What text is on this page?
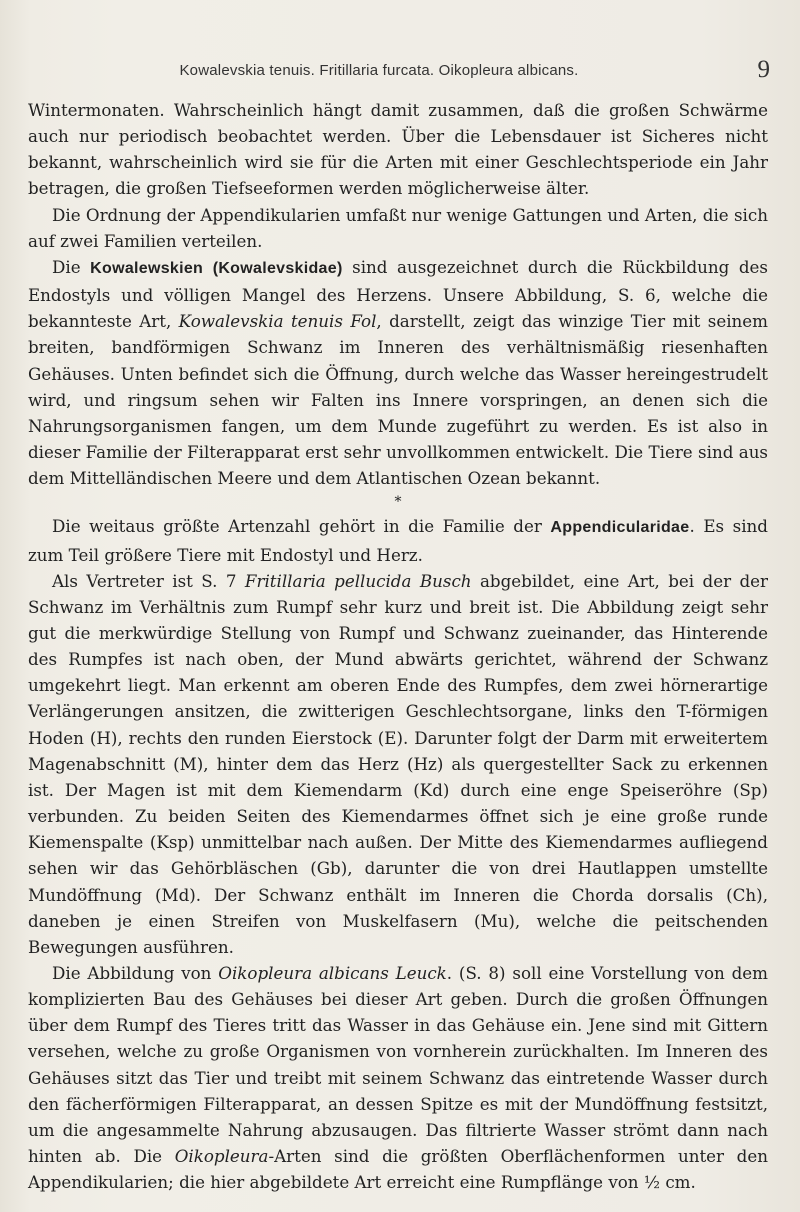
Kowalevskia tenuis. Fritillaria furcata. Oikopleura albicans.	9

Wintermonaten. Wahrscheinlich hängt damit zusammen, daß die großen Schwärme auch nur periodisch beobachtet werden. Über die Lebensdauer ist Sicheres nicht bekannt, wahrscheinlich wird sie für die Arten mit einer Geschlechtsperiode ein Jahr betragen, die großen Tiefseeformen werden möglicherweise älter.

Die Ordnung der Appendikularien umfaßt nur wenige Gattungen und Arten, die sich auf zwei Familien verteilen.

Die Kowalewskien (Kowalevskidae) sind ausgezeichnet durch die Rückbildung des Endostyls und völligen Mangel des Herzens. Unsere Abbildung, S. 6, welche die bekannteste Art, Kowalevskia tenuis Fol, darstellt, zeigt das winzige Tier mit seinem breiten, bandförmigen Schwanz im Inneren des verhältnismäßig riesenhaften Gehäuses. Unten befindet sich die Öffnung, durch welche das Wasser hereingestrudelt wird, und ringsum sehen wir Falten ins Innere vorspringen, an denen sich die Nahrungsorganismen fangen, um dem Munde zugeführt zu werden. Es ist also in dieser Familie der Filterapparat erst sehr unvollkommen entwickelt. Die Tiere sind aus dem Mittelländischen Meere und dem Atlantischen Ozean bekannt.

*

Die weitaus größte Artenzahl gehört in die Familie der Appendicularidae. Es sind zum Teil größere Tiere mit Endostyl und Herz.

Als Vertreter ist S. 7 Fritillaria pellucida Busch abgebildet, eine Art, bei der der Schwanz im Verhältnis zum Rumpf sehr kurz und breit ist. Die Abbildung zeigt sehr gut die merkwürdige Stellung von Rumpf und Schwanz zueinander, das Hinterende des Rumpfes ist nach oben, der Mund abwärts gerichtet, während der Schwanz umgekehrt liegt. Man erkennt am oberen Ende des Rumpfes, dem zwei hörnerartige Verlängerungen ansitzen, die zwitterigen Geschlechtsorgane, links den T-förmigen Hoden (H), rechts den runden Eierstock (E). Darunter folgt der Darm mit erweitertem Magenabschnitt (M), hinter dem das Herz (Hz) als quergestellter Sack zu erkennen ist. Der Magen ist mit dem Kiemendarm (Kd) durch eine enge Speiseröhre (Sp) verbunden. Zu beiden Seiten des Kiemendarmes öffnet sich je eine große runde Kiemenspalte (Ksp) unmittelbar nach außen. Der Mitte des Kiemendarmes aufliegend sehen wir das Gehörbläschen (Gb), darunter die von drei Hautlappen umstellte Mundöffnung (Md). Der Schwanz enthält im Inneren die Chorda dorsalis (Ch), daneben je einen Streifen von Muskelfasern (Mu), welche die peitschenden Bewegungen ausführen.

Die Abbildung von Oikopleura albicans Leuck. (S. 8) soll eine Vorstellung von dem komplizierten Bau des Gehäuses bei dieser Art geben. Durch die großen Öffnungen über dem Rumpf des Tieres tritt das Wasser in das Gehäuse ein. Jene sind mit Gittern versehen, welche zu große Organismen von vornherein zurückhalten. Im Inneren des Gehäuses sitzt das Tier und treibt mit seinem Schwanz das eintretende Wasser durch den fächerförmigen Filterapparat, an dessen Spitze es mit der Mundöffnung festsitzt, um die angesammelte Nahrung abzusaugen. Das filtrierte Wasser strömt dann nach hinten ab. Die Oikopleura-Arten sind die größten Oberflächenformen unter den Appendikularien; die hier abgebildete Art erreicht eine Rumpflänge von ½ cm.
